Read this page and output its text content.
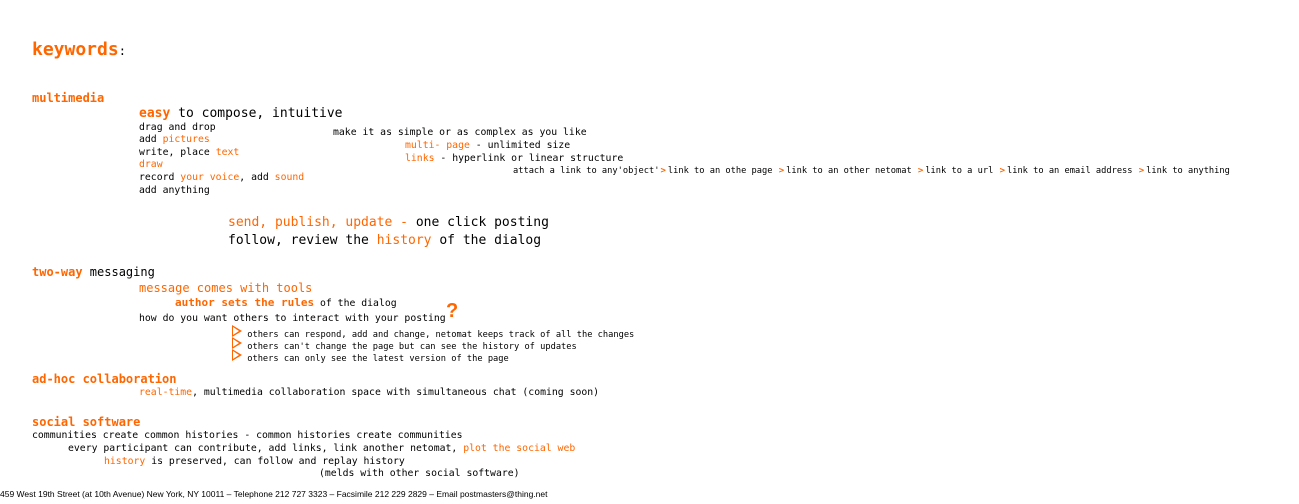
keywords:
multimedia
easy to compose, intuitive
drag and drop
add pictures
write, place text
draw
record your voice, add sound
add anything
make it as simple or as complex as you like
multi- page - unlimited size
links - hyperlink or linear structure
attach a link to any'object'> link to an othe page > link to an other netomat > link to a url > link to an email address > link to anything
send, publish, update - one click posting
follow, review the history of the dialog
two-way messaging
message comes with tools
author sets the rules of the dialog
how do you want others to interact with your posting ?
others can respond, add and change, netomat keeps track of all the changes
others can't change the page but can see the history of updates
others can only see the latest version of the page
ad-hoc collaboration
real-time, multimedia collaboration space with simultaneous chat (coming soon)
social software
communities create common histories - common histories create communities
every participant can contribute, add links, link another netomat, plot the social web
history is preserved, can follow and replay history
(melds with other social software)
459 West 19th Street (at 10th Avenue) New York, NY 10011 – Telephone 212 727 3323 – Facsimile 212 229 2829 – Email postmasters@thing.net
